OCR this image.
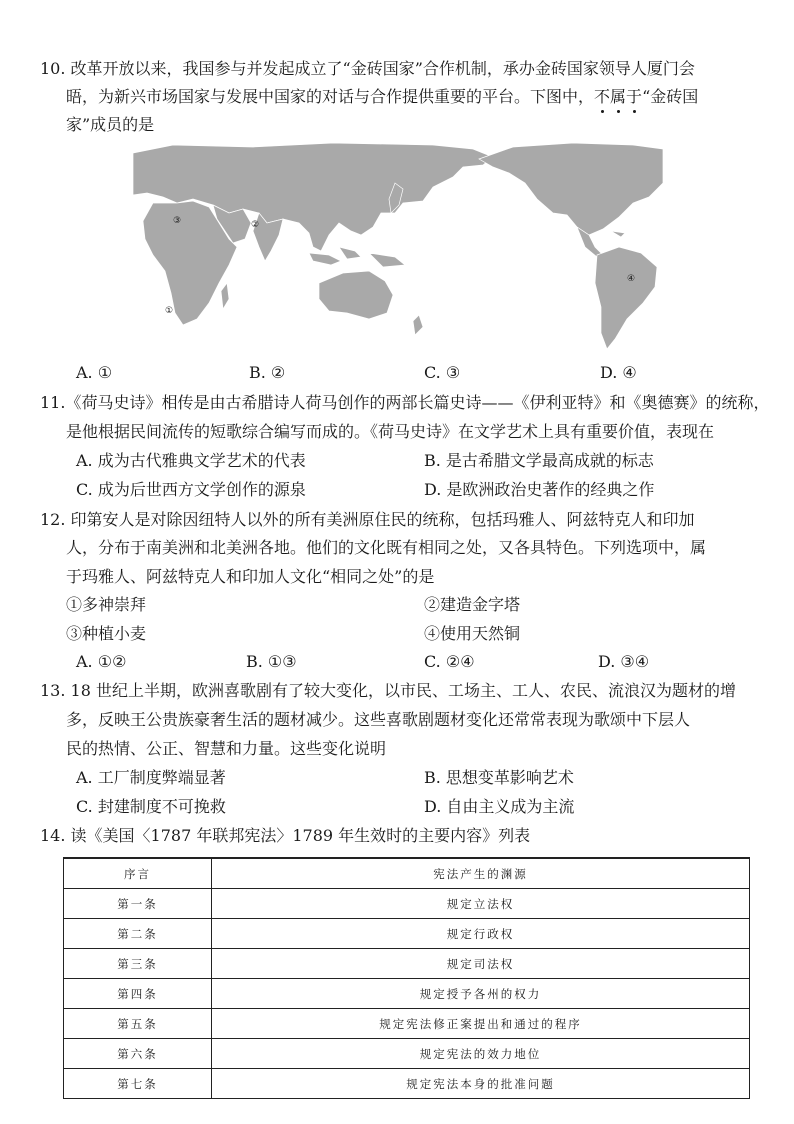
10. 改革开放以来，我国参与并发起成立了“金砖国家”合作机制，承办金砖国家领导人厦门会
晤，为新兴市场国家与发展中国家的对话与合作提供重要的平台。下图中，不
属
于
“金砖国
家”成员的是
③	②
①
④
A. ①	B. ②	C. ③	D. ④
11.《荷马史诗》相传是由古希腊诗人荷马创作的两部长篇史诗——《伊利亚特》和《奥德赛》的统称，
是他根据民间流传的短歌综合编写而成的。《荷马史诗》在文学艺术上具有重要价值，表现在
A. 成为古代雅典文学艺术的代表	B. 是古希腊文学最高成就的标志
C. 成为后世西方文学创作的源泉	D. 是欧洲政治史著作的经典之作
12. 印第安人是对除因纽特人以外的所有美洲原住民的统称，包括玛雅人、阿兹特克人和印加
人，分布于南美洲和北美洲各地。他们的文化既有相同之处，又各具特色。下列选项中，属
于玛雅人、阿兹特克人和印加人文化“相同之处”的是
①多神崇拜	②建造金字塔
③种植小麦	④使用天然铜
A. ①②	B. ①③	C. ②④	D. ③④
13. 18 世纪上半期，欧洲喜歌剧有了较大变化，以市民、工场主、工人、农民、流浪汉为题材的增
多，反映王公贵族豪奢生活的题材减少。这些喜歌剧题材变化还常常表现为歌颂中下层人
民的热情、公正、智慧和力量。这些变化说明
A. 工厂制度弊端显著	B. 思想变革影响艺术
C. 封建制度不可挽救	D. 自由主义成为主流
14. 读《美国〈1787 年联邦宪法〉1789 年生效时的主要内容》列表
序言	宪法产生的渊源
第一条	规定立法权
第二条	规定行政权
第三条	规定司法权
第四条	规定授予各州的权力
第五条	规定宪法修正案提出和通过的程序
第六条	规定宪法的效力地位
第七条	规定宪法本身的批准问题
